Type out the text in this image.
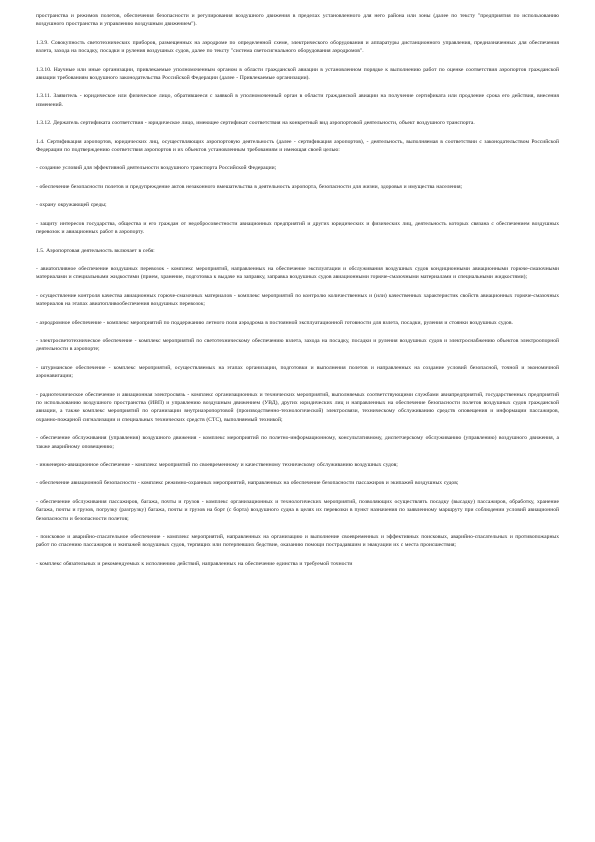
пространства и режимов полетов, обеспечения безопасности и регулирования воздушного движения в пределах установленного для него района или зоны (далее по тексту "предприятия по использованию воздушного пространства и управлению воздушным движением").

1.3.9. Совокупность светотехнических приборов, размещенных на аэродроме по определенной схеме, электрического оборудования и аппаратуры дистанционного управления, предназначенных для обеспечения взлета, захода на посадку, посадки и руления воздушных судов, далее по тексту "система светосигнального оборудования аэродромов".

1.3.10. Научные или иные организации, привлекаемые уполномоченным органом в области гражданской авиации в установленном порядке к выполнению работ по оценке соответствия аэропортов гражданской авиации требованиям воздушного законодательства Российской Федерации (далее - Привлекаемые организации).

1.3.11. Заявитель - юридическое или физическое лицо, обратившееся с заявкой в уполномоченный орган в области гражданской авиации на получение сертификата или продление срока его действия, внесения изменений.

1.3.12. Держатель сертификата соответствия - юридическое лицо, имеющее сертификат соответствия на конкретный вид аэропортовой деятельности, объект воздушного транспорта.

1.4. Сертификация аэропортов, юридических лиц, осуществляющих аэропортовую деятельность (далее - сертификация аэропортов), - деятельность, выполняемая в соответствии с законодательством Российской Федерации по подтверждению соответствия аэропортов и их объектов установленным требованиям и имеющая своей целью:

- создание условий для эффективной деятельности воздушного транспорта Российской Федерации;

- обеспечение безопасности полетов и предупреждение актов незаконного вмешательства в деятельность аэропорта, безопасности для жизни, здоровья и имущества населения;

- охрану окружающей среды;

- защиту интересов государства, общества и его граждан от недобросовестности авиационных предприятий и других юридических и физических лиц, деятельность которых связана с обеспечением воздушных перевозок и авиационных работ в аэропорту.

1.5. Аэропортовая деятельность включает в себя:

- авиатопливное обеспечение воздушных перевозок - комплекс мероприятий, направленных на обеспечение эксплуатации и обслуживания воздушных судов кондиционными авиационными горюче-смазочными материалами и специальными жидкостями (прием, хранение, подготовка к выдаче на заправку, заправка воздушных судов авиационными горюче-смазочными материалами и специальными жидкостями);

- осуществление контроля качества авиационных горюче-смазочных материалов - комплекс мероприятий по контролю количественных и (или) качественных характеристик свойств авиационных горюче-смазочных материалов на этапах авиатопливообеспечения воздушных перевозок;

- аэродромное обеспечение - комплекс мероприятий по поддержанию летного поля аэродрома в постоянной эксплуатационной готовности для взлета, посадки, руления и стоянки воздушных судов.

- электросветотехническое обеспечение - комплекс мероприятий по светотехническому обеспечению взлета, захода на посадку, посадки и руления воздушных судов и электроснабжению объектов электроопорной деятельности в аэропорте;

- штурманское обеспечение - комплекс мероприятий, осуществляемых на этапах организации, подготовки и выполнения полетов и направленных на создание условий безопасной, точной и экономичной аэронавигации;

- радиотехническое обеспечение и авиационная электросвязь - комплекс организационных и технических мероприятий, выполняемых соответствующими службами авиапредприятий, государственных предприятий по использованию воздушного пространства (ИВП) и управлению воздушным движением (УВД), других юридических лиц и направленных на обеспечение безопасности полетов воздушных судов гражданской авиации, а также комплекс мероприятий по организации внутриаэропортовой (производственно-технологической) электросвязи, техническому обслуживанию средств оповещения и информации пассажиров, охранно-пожарной сигнализации и специальных технических средств (СТС), выполняемый техникой;

- обеспечение обслуживания (управления) воздушного движения - комплекс мероприятий по полетно-информационному, консультативному, диспетчерскому обслуживанию (управлению) воздушного движения, а также аварийному оповещению;

- инженерно-авиационное обеспечение - комплекс мероприятий по своевременному и качественному техническому обслуживанию воздушных судов;

- обеспечение авиационной безопасности - комплекс режимно-охранных мероприятий, направленных на обеспечение безопасности пассажиров и экипажей воздушных судов;

- обеспечение обслуживания пассажиров, багажа, почты и грузов - комплекс организационных и технологических мероприятий, позволяющих осуществлять посадку (высадку) пассажиров, обработку, хранение багажа, почты и грузов, погрузку (разгрузку) багажа, почты и грузов на борт (с борта) воздушного судна в целях их перевозки в пункт назначения по заявленному маршруту при соблюдении условий авиационной безопасности и безопасности полетов;

- поисковое и аварийно-спасательное обеспечение - комплекс мероприятий, направленных на организацию и выполнение своевременных и эффективных поисковых, аварийно-спасательных и противопожарных работ по спасению пассажиров и экипажей воздушных судов, терпящих или потерпевших бедствие, оказанию помощи пострадавшим и эвакуации их с места происшествия;

- комплекс обязательных и рекомендуемых к исполнению действий, направленных на обеспечение единства и требуемой точности
